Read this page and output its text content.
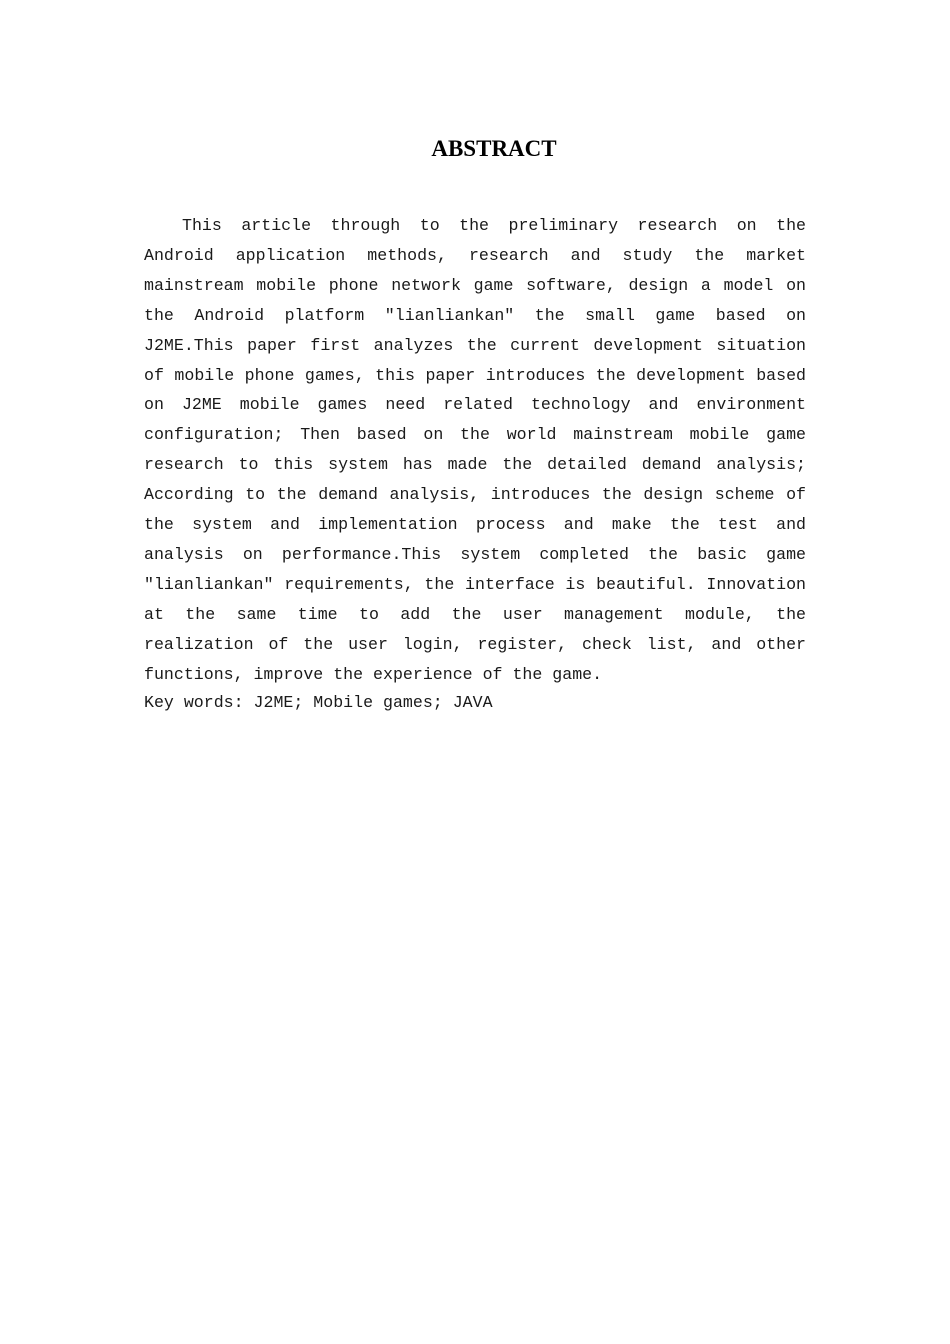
ABSTRACT

This article through to the preliminary research on the Android application methods, research and study the market mainstream mobile phone network game software, design a model on the Android platform "lianliankan" the small game based on J2ME.This paper first analyzes the current development situation of mobile phone games, this paper introduces the development based on J2ME mobile games need related technology and environment configuration; Then based on the world mainstream mobile game research to this system has made the detailed demand analysis; According to the demand analysis, introduces the design scheme of the system and implementation process and make the test and analysis on performance.This system completed the basic game "lianliankan" requirements, the interface is beautiful. Innovation at the same time to add the user management module, the realization of the user login, register, check list, and other functions, improve the experience of the game.

Key words: J2ME; Mobile games; JAVA
